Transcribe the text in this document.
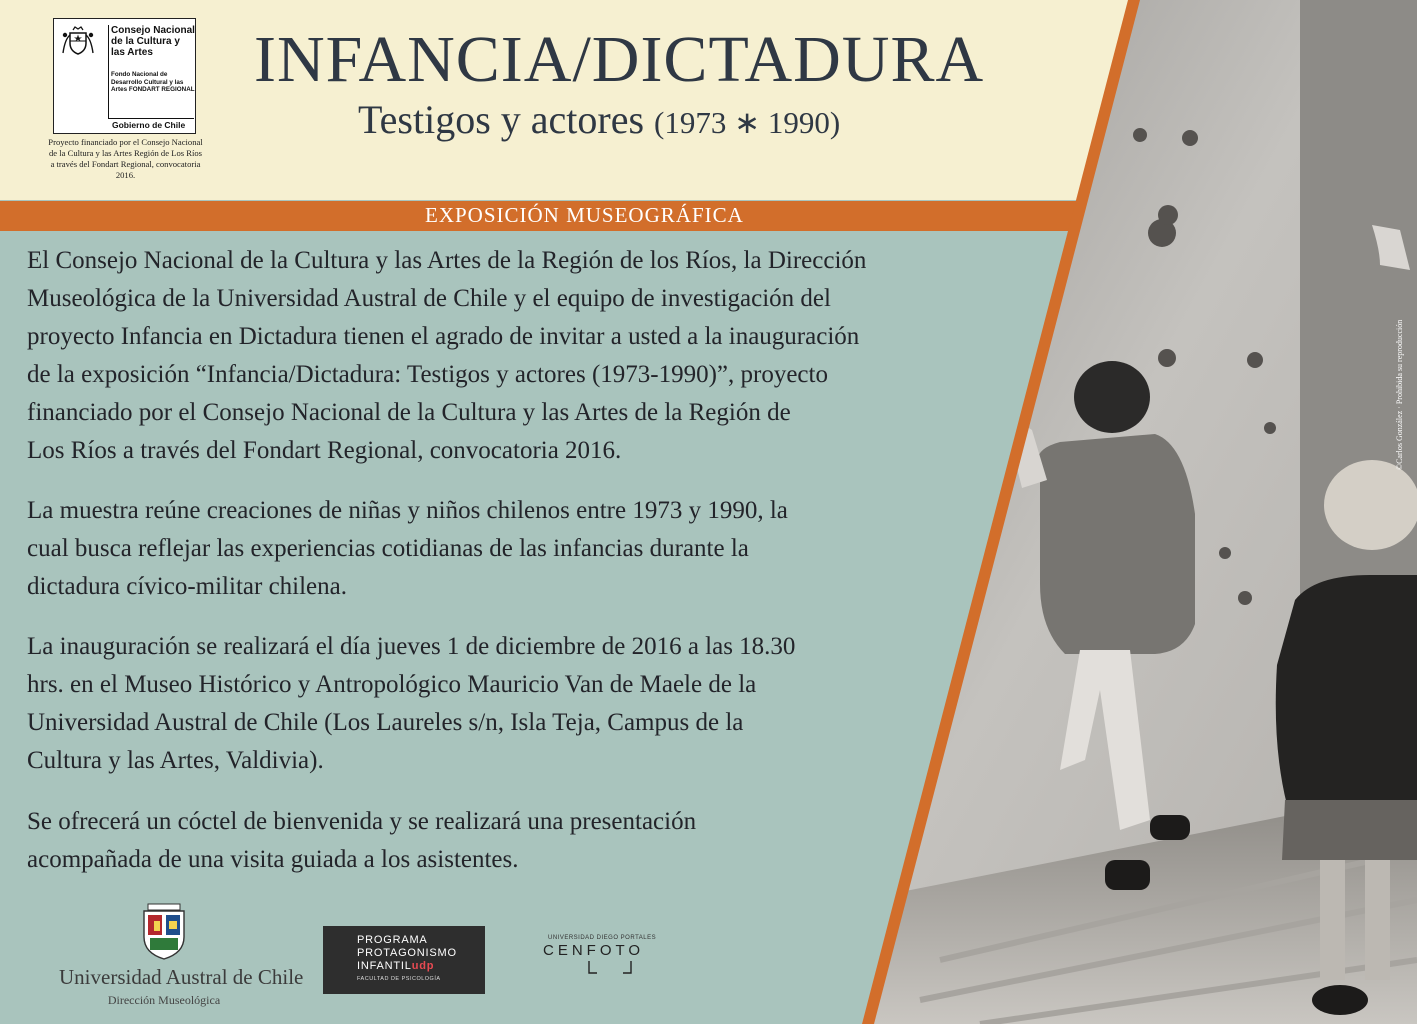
EXPOSICIÓN MUSEOGRÁFICA
Consejo Nacional de la Cultura y las Artes
Fondo Nacional de Desarrollo Cultural y las Artes FONDART REGIONAL
Gobierno de Chile
Proyecto financiado por el Consejo Nacional de la Cultura y las Artes Región de Los Ríos a través del Fondart Regional, convocatoria 2016.
INFANCIA/DICTADURA
Testigos y actores (1973 ∗ 1990)
©Carlos González · Prohibida su reproducción

El Consejo Nacional de la Cultura y las Artes de la Región de los Ríos, la Dirección
Museológica de la Universidad Austral de Chile y el equipo de investigación del
proyecto Infancia en Dictadura tienen el agrado de invitar a usted a la inauguración
de la exposición “Infancia/Dictadura: Testigos y actores (1973-1990)”, proyecto
financiado por el Consejo Nacional de la Cultura y las Artes de la Región de
Los Ríos a través del Fondart Regional, convocatoria 2016.

La muestra reúne creaciones de niñas y niños chilenos entre 1973 y 1990, la
cual busca reflejar las experiencias cotidianas de las infancias durante la
dictadura cívico-militar chilena.

La inauguración se realizará el día jueves 1 de diciembre de 2016 a las 18.30
hrs. en el Museo Histórico y Antropológico Mauricio Van de Maele de la
Universidad Austral de Chile (Los Laureles s/n, Isla Teja, Campus de la
Cultura y las Artes, Valdivia).

Se ofrecerá un cóctel de bienvenida y se realizará una presentación
acompañada de una visita guiada a los asistentes.

Universidad Austral de Chile
Dirección Museológica
PROGRAMA
PROTAGONISMO
INFANTILudp
FACULTAD DE PSICOLOGÍA
UNIVERSIDAD DIEGO PORTALES
CENFOTO
